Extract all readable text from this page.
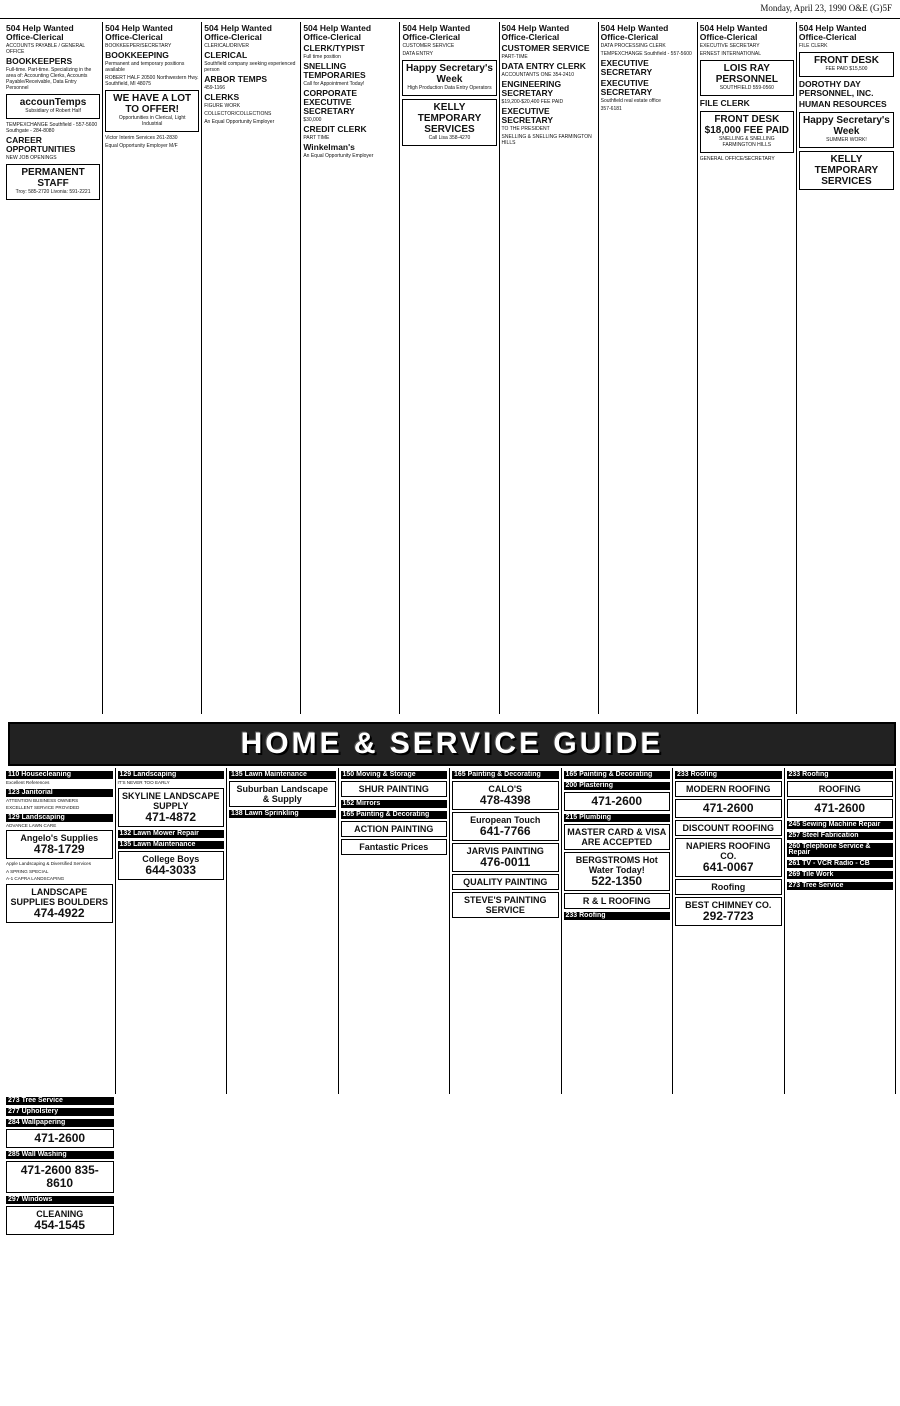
Monday, April 23, 1990 O&E (G)5F
504 Help Wanted Office-Clerical

ACCOUNTS PAYABLE / GENERAL OFFICE

BOOKKEEPERS

Full-time. Part-time. Specializing in the area of: Accounting Clerks, Accounts Payable/Receivable, Data Entry Personnel

accounTemps

Subsidiary of Robert Half

TEMPEXCHANGE Southfield - 557-5600 Southgate - 284-8080

CAREER OPPORTUNITIES

NEW JOB OPENINGS

PERMANENT STAFF

Troy: 585-2720 Livonia: 591-2221

504 Help Wanted Office-Clerical

BOOKKEEPER/SECRETARY

BOOKKEEPING

Permanent and temporary positions available

ROBERT HALF 20500 Northwestern Hwy. Southfield, MI 48075

WE HAVE A LOT TO OFFER!

Opportunities in Clerical, Light Industrial

Victor Interim Services 261-2830

Equal Opportunity Employer M/F

504 Help Wanted Office-Clerical

CLERICAL/DRIVER

CLERICAL

Southfield company seeking experienced person

ARBOR TEMPS

459-1166

CLERKS

FIGURE WORK

COLLECTOR/COLLECTIONS

An Equal Opportunity Employer

504 Help Wanted Office-Clerical
CLERK/TYPIST

Full time position

SNELLING TEMPORARIES

Call for Appointment Today!

CORPORATE EXECUTIVE SECRETARY

$30,000

CREDIT CLERK

PART TIME

Winkelman's

An Equal Opportunity Employer

504 Help Wanted Office-Clerical

CUSTOMER SERVICE

DATA ENTRY

Happy Secretary's Week

High Production Data Entry Operators

KELLY TEMPORARY SERVICES

Call Lisa 358-4270

504 Help Wanted Office-Clerical
CUSTOMER SERVICE

PART-TIME

DATA ENTRY CLERK

ACCOUNTANTS ONE 354-2410

ENGINEERING SECRETARY

$19,200-$20,400 FEE PAID

EXECUTIVE SECRETARY

TO THE PRESIDENT

SNELLING & SNELLING FARMINGTON HILLS

504 Help Wanted Office-Clerical

DATA PROCESSING CLERK

TEMPEXCHANGE Southfield - 557-5600

EXECUTIVE SECRETARY
EXECUTIVE SECRETARY

Southfield real estate office

357-6181

504 Help Wanted Office-Clerical

EXECUTIVE SECRETARY

ERNEST INTERNATIONAL

LOIS RAY PERSONNEL

SOUTHFIELD 559-0560

FILE CLERK
FRONT DESK $18,000 FEE PAID

SNELLING & SNELLING FARMINGTON HILLS

GENERAL OFFICE/SECRETARY

504 Help Wanted Office-Clerical

FILE CLERK

FRONT DESK

FEE PAID $15,500

DOROTHY DAY PERSONNEL, INC.
HUMAN RESOURCES
Happy Secretary's Week

SUMMER WORK!

KELLY TEMPORARY SERVICES
HOME & SERVICE GUIDE
110 Housecleaning

Excellent References

123 Janitorial

ATTENTION BUSINESS OWNERS

EXCELLENT SERVICE PROVIDED

129 Landscaping

ADVANCE LAWN CARE

Angelo's Supplies
478-1729

Apple Landscaping & Diversified Services

A SPRING SPECIAL

A-1 CAPRA LANDSCAPING

LANDSCAPE SUPPLIES BOULDERS
474-4922
129 Landscaping

IT'S NEVER TOO EARLY

SKYLINE LANDSCAPE SUPPLY
471-4872
132 Lawn Mower Repair
135 Lawn Maintenance
College Boys
644-3033
135 Lawn Maintenance
Suburban Landscape & Supply
138 Lawn Sprinkling
150 Moving & Storage
SHUR PAINTING
152 Mirrors
165 Painting & Decorating
ACTION PAINTING
Fantastic Prices
165 Painting & Decorating
CALO'S
478-4398
European Touch
641-7766
JARVIS PAINTING
476-0011
QUALITY PAINTING
STEVE'S PAINTING SERVICE
165 Painting & Decorating
200 Plastering
471-2600
215 Plumbing
MASTER CARD & VISA ARE ACCEPTED
BERGSTROMS Hot Water Today!
522-1350
R & L ROOFING
233 Roofing
233 Roofing
MODERN ROOFING
471-2600
DISCOUNT ROOFING
NAPIERS ROOFING CO.
641-0067
Roofing
BEST CHIMNEY CO.
292-7723
233 Roofing
ROOFING
471-2600
245 Sewing Machine Repair
257 Steel Fabrication
260 Telephone Service & Repair
261 TV - VCR Radio - CB
269 Tile Work
273 Tree Service
273 Tree Service
277 Upholstery
284 Wallpapering
471-2600
285 Wall Washing
471-2600 835-8610
297 Windows
CLEANING
454-1545
